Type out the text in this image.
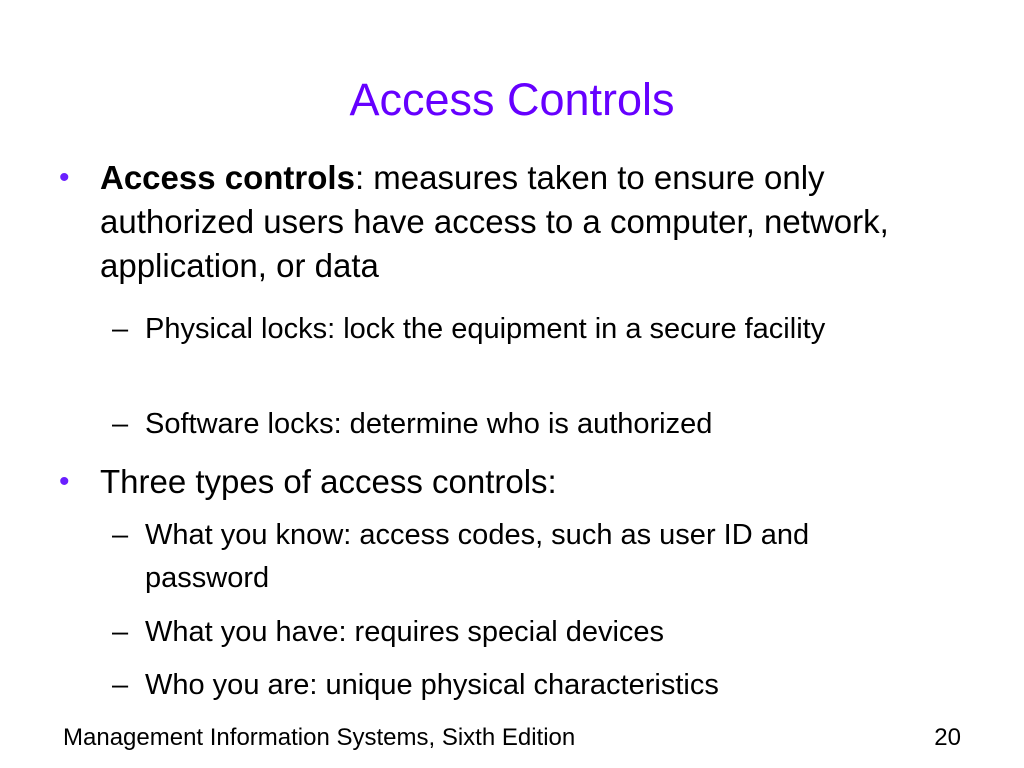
Access Controls
• Access controls: measures taken to ensure only authorized users have access to a computer, network, application, or data
– Physical locks: lock the equipment in a secure facility
– Software locks: determine who is authorized
• Three types of access controls:
– What you know: access codes, such as user ID and password
– What you have: requires special devices
– Who you are: unique physical characteristics
Management Information Systems, Sixth Edition	20
